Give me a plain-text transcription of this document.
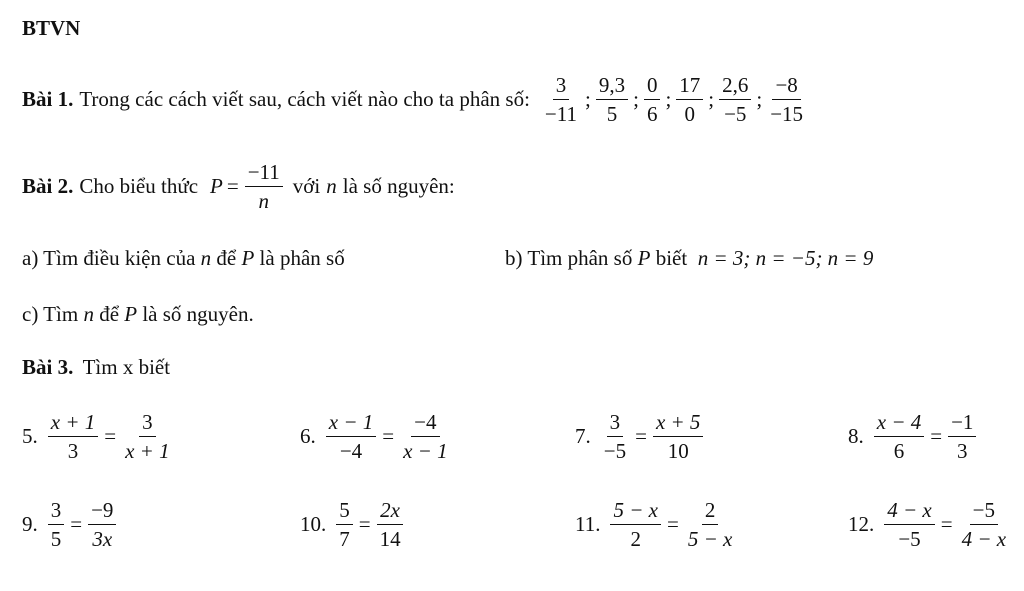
BTVN
Bài 1. Trong các cách viết sau, cách viết nào cho ta phân số: $\frac{3}{-11}$ ; $\frac{9,3}{5}$ ; $\frac{0}{6}$ ; $\frac{17}{0}$ ; $\frac{2,6}{-5}$ ; $\frac{-8}{-15}$
Bài 2. Cho biểu thức $P = \frac{-11}{n}$ với n là số nguyên:
a) Tìm điều kiện của n để P là phân số	b) Tìm phân số P biết n = 3; n = −5; n = 9
c) Tìm n để P là số nguyên.
Bài 3. Tìm x biết
5. $\frac{x + 1}{3} = \frac{3}{x + 1}$	6. $\frac{x - 1}{-4} = \frac{-4}{x - 1}$	7. $\frac{3}{-5} = \frac{x + 5}{10}$	8. $\frac{x - 4}{6} = \frac{-1}{3}$
9. $\frac{3}{5} = \frac{-9}{3x}$	10. $\frac{5}{7} = \frac{2x}{14}$	11. $\frac{5 - x}{2} = \frac{2}{5 - x}$	12. $\frac{4 - x}{-5} = \frac{-5}{4 - x}$
